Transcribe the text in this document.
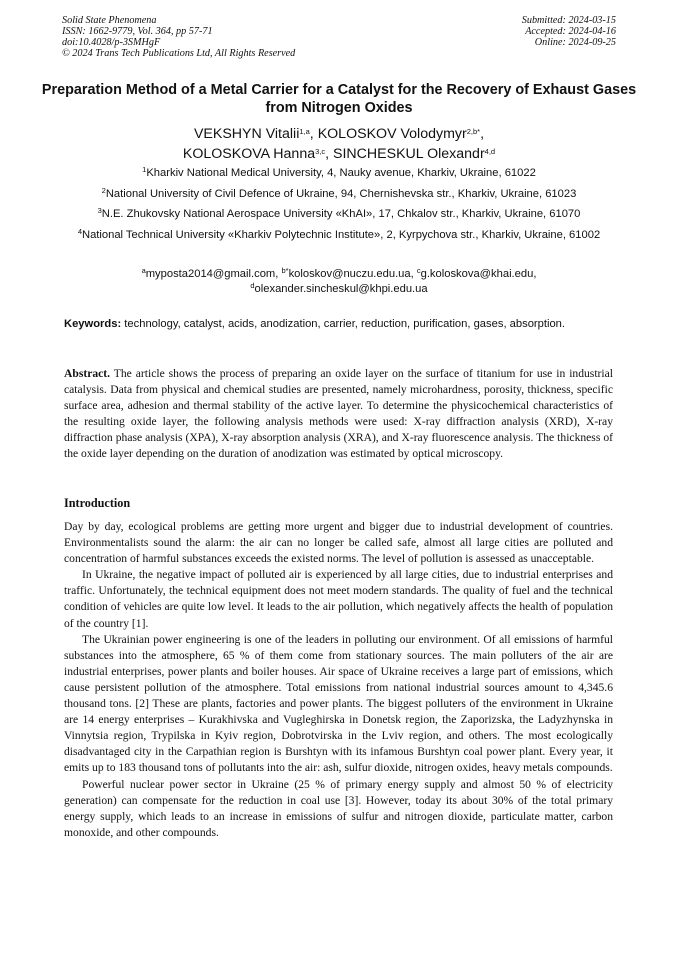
Solid State Phenomena
ISSN: 1662-9779, Vol. 364, pp 57-71
doi:10.4028/p-3SMHgF
© 2024 Trans Tech Publications Ltd, All Rights Reserved
Submitted: 2024-03-15
Accepted: 2024-04-16
Online: 2024-09-25
Preparation Method of a Metal Carrier for a Catalyst for the Recovery of Exhaust Gases from Nitrogen Oxides
VEKSHYN Vitalii$^{1,a}$, KOLOSKOV Volodymyr$^{2,b*}$,
KOLOSKOVA Hanna$^{3,c}$, SINCHESKUL Olexandr$^{4,d}$
$^1$Kharkiv National Medical University, 4, Nauky avenue, Kharkiv, Ukraine, 61022
$^2$National University of Civil Defence of Ukraine, 94, Chernishevska str., Kharkiv, Ukraine, 61023
$^3$N.E. Zhukovsky National Aerospace University «KhAI», 17, Chkalov str., Kharkiv, Ukraine, 61070
$^4$National Technical University «Kharkiv Polytechnic Institute», 2, Kyrpychova str., Kharkiv, Ukraine, 61002
$^a$myposta2014@gmail.com, $^{b*}$koloskov@nuczu.edu.ua, $^c$g.koloskova@khai.edu,
$^d$olexander.sincheskul@khpi.edu.ua
Keywords: technology, catalyst, acids, anodization, carrier, reduction, purification, gases, absorption.
Abstract. The article shows the process of preparing an oxide layer on the surface of titanium for use in industrial catalysis. Data from physical and chemical studies are presented, namely microhardness, porosity, thickness, specific surface area, adhesion and thermal stability of the active layer. To determine the physicochemical characteristics of the resulting oxide layer, the following analysis methods were used: X-ray diffraction analysis (XRD), X-ray diffraction phase analysis (XPA), X-ray absorption analysis (XRA), and X-ray fluorescence analysis. The thickness of the oxide layer depending on the duration of anodization was estimated by optical microscopy.
Introduction

Day by day, ecological problems are getting more urgent and bigger due to industrial development of countries. Environmentalists sound the alarm: the air can no longer be called safe, almost all large cities are polluted and concentration of harmful substances exceeds the existed norms. The level of pollution is assessed as unacceptable.

In Ukraine, the negative impact of polluted air is experienced by all large cities, due to industrial enterprises and traffic. Unfortunately, the technical equipment does not meet modern standards. The quality of fuel and the technical condition of vehicles are quite low level. It leads to the air pollution, which negatively affects the health of population of the country [1].

The Ukrainian power engineering is one of the leaders in polluting our environment. Of all emissions of harmful substances into the atmosphere, 65 % of them come from stationary sources. The main polluters of the air are industrial enterprises, power plants and boiler houses. Air space of Ukraine receives a large part of emissions, which cause persistent pollution of the atmosphere. Total emissions from national industrial sources amount to 4,345.6 thousand tons. [2] These are plants, factories and power plants. The biggest polluters of the environment in Ukraine are 14 energy enterprises – Kurakhivska and Vugleghirska in Donetsk region, the Zaporizska, the Ladyzhynska in Vinnytsia region, Trypilska in Kyiv region, Dobrotvirska in the Lviv region, and others. The most ecologically disadvantaged city in the Carpathian region is Burshtyn with its infamous Burshtyn coal power plant. Every year, it emits up to 183 thousand tons of pollutants into the air: ash, sulfur dioxide, nitrogen oxides, heavy metals compounds.

Powerful nuclear power sector in Ukraine (25 % of primary energy supply and almost 50 % of electricity generation) can compensate for the reduction in coal use [3]. However, today its about 30% of the total primary energy supply, which leads to an increase in emissions of sulfur and nitrogen dioxide, particulate matter, carbon monoxide, and other compounds.
